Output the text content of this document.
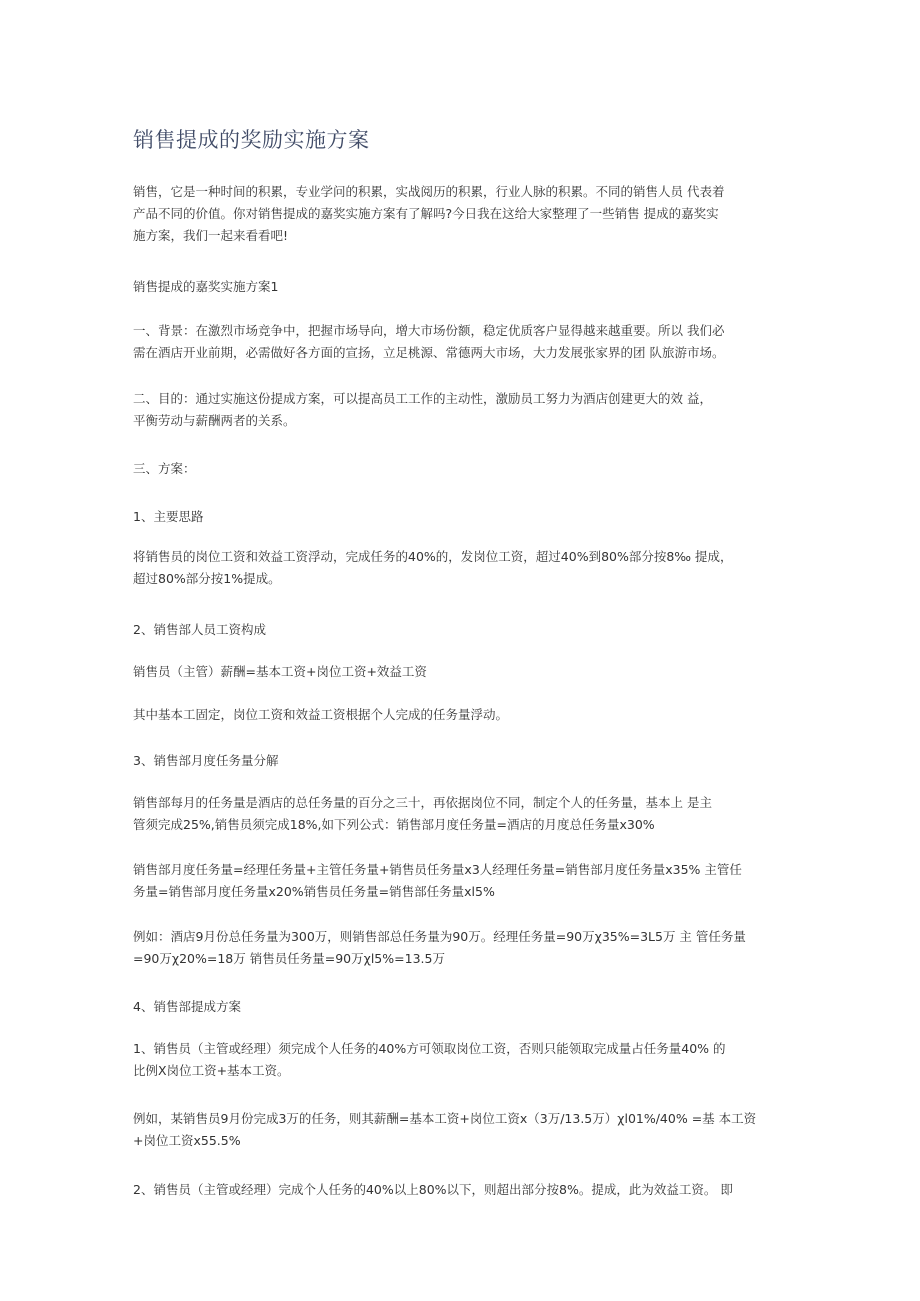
销售提成的奖励实施方案

销售，它是一种时间的积累，专业学问的积累，实战阅历的积累，行业人脉的积累。不同的销售人员 代表着
产品不同的价值。你对销售提成的嘉奖实施方案有了解吗?今日我在这给大家整理了一些销售 提成的嘉奖实
施方案，我们一起来看看吧!

销售提成的嘉奖实施方案1

一、背景：在激烈市场竞争中，把握市场导向，增大市场份额，稳定优质客户显得越来越重要。所以 我们必
需在酒店开业前期，必需做好各方面的宣扬，立足桃源、常德两大市场，大力发展张家界的团 队旅游市场。

二、目的：通过实施这份提成方案，可以提高员工工作的主动性，激励员工努力为酒店创建更大的效 益，
平衡劳动与薪酬两者的关系。

三、方案：

1、主要思路

将销售员的岗位工资和效益工资浮动，完成任务的40%的，发岗位工资，超过40%到80%部分按8‰ 提成，
超过80%部分按1%提成。

2、销售部人员工资构成

销售员（主管）薪酬=基本工资+岗位工资+效益工资

其中基本工固定，岗位工资和效益工资根据个人完成的任务量浮动。

3、销售部月度任务量分解

销售部每月的任务量是酒店的总任务量的百分之三十，再依据岗位不同，制定个人的任务量，基本上 是主
管须完成25%,销售员须完成18%,如下列公式：销售部月度任务量=酒店的月度总任务量x30%

销售部月度任务量=经理任务量+主管任务量+销售员任务量x3人经理任务量=销售部月度任务量x35% 主管任
务量=销售部月度任务量x20%销售员任务量=销售部任务量xl5%

例如：酒店9月份总任务量为300万，则销售部总任务量为90万。经理任务量=90万χ35%=3L5万 主 管任务量
=90万χ20%=18万 销售员任务量=90万χl5%=13.5万

4、销售部提成方案

1、销售员（主管或经理）须完成个人任务的40%方可领取岗位工资，否则只能领取完成量占任务量40% 的
比例X岗位工资+基本工资。

例如，某销售员9月份完成3万的任务，则其薪酬=基本工资+岗位工资x（3万/13.5万）χl01%∕40% =基 本工资
+岗位工资x55.5%

2、销售员（主管或经理）完成个人任务的40%以上80%以下，则超出部分按8%。提成，此为效益工资。 即
